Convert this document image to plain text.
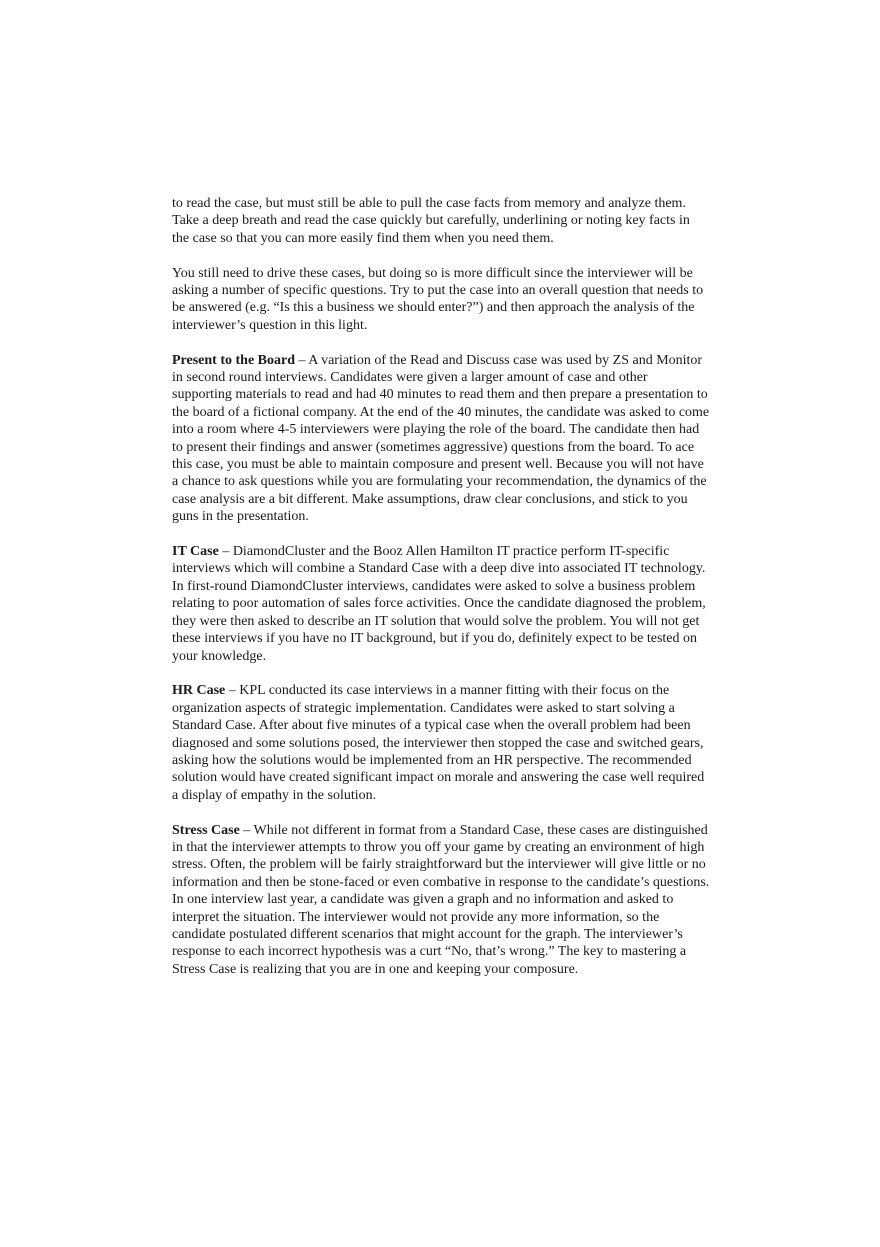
to read the case, but must still be able to pull the case facts from memory and analyze them. Take a deep breath and read the case quickly but carefully, underlining or noting key facts in the case so that you can more easily find them when you need them.

You still need to drive these cases, but doing so is more difficult since the interviewer will be asking a number of specific questions. Try to put the case into an overall question that needs to be answered (e.g. “Is this a business we should enter?”) and then approach the analysis of the interviewer’s question in this light.

Present to the Board – A variation of the Read and Discuss case was used by ZS and Monitor in second round interviews. Candidates were given a larger amount of case and other supporting materials to read and had 40 minutes to read them and then prepare a presentation to the board of a fictional company. At the end of the 40 minutes, the candidate was asked to come into a room where 4-5 interviewers were playing the role of the board. The candidate then had to present their findings and answer (sometimes aggressive) questions from the board. To ace this case, you must be able to maintain composure and present well. Because you will not have a chance to ask questions while you are formulating your recommendation, the dynamics of the case analysis are a bit different. Make assumptions, draw clear conclusions, and stick to you guns in the presentation.

IT Case – DiamondCluster and the Booz Allen Hamilton IT practice perform IT-specific interviews which will combine a Standard Case with a deep dive into associated IT technology. In first-round DiamondCluster interviews, candidates were asked to solve a business problem relating to poor automation of sales force activities. Once the candidate diagnosed the problem, they were then asked to describe an IT solution that would solve the problem. You will not get these interviews if you have no IT background, but if you do, definitely expect to be tested on your knowledge.

HR Case – KPL conducted its case interviews in a manner fitting with their focus on the organization aspects of strategic implementation. Candidates were asked to start solving a Standard Case. After about five minutes of a typical case when the overall problem had been diagnosed and some solutions posed, the interviewer then stopped the case and switched gears, asking how the solutions would be implemented from an HR perspective. The recommended solution would have created significant impact on morale and answering the case well required a display of empathy in the solution.

Stress Case – While not different in format from a Standard Case, these cases are distinguished in that the interviewer attempts to throw you off your game by creating an environment of high stress. Often, the problem will be fairly straightforward but the interviewer will give little or no information and then be stone-faced or even combative in response to the candidate’s questions. In one interview last year, a candidate was given a graph and no information and asked to interpret the situation. The interviewer would not provide any more information, so the candidate postulated different scenarios that might account for the graph. The interviewer’s response to each incorrect hypothesis was a curt “No, that’s wrong.” The key to mastering a Stress Case is realizing that you are in one and keeping your composure.
